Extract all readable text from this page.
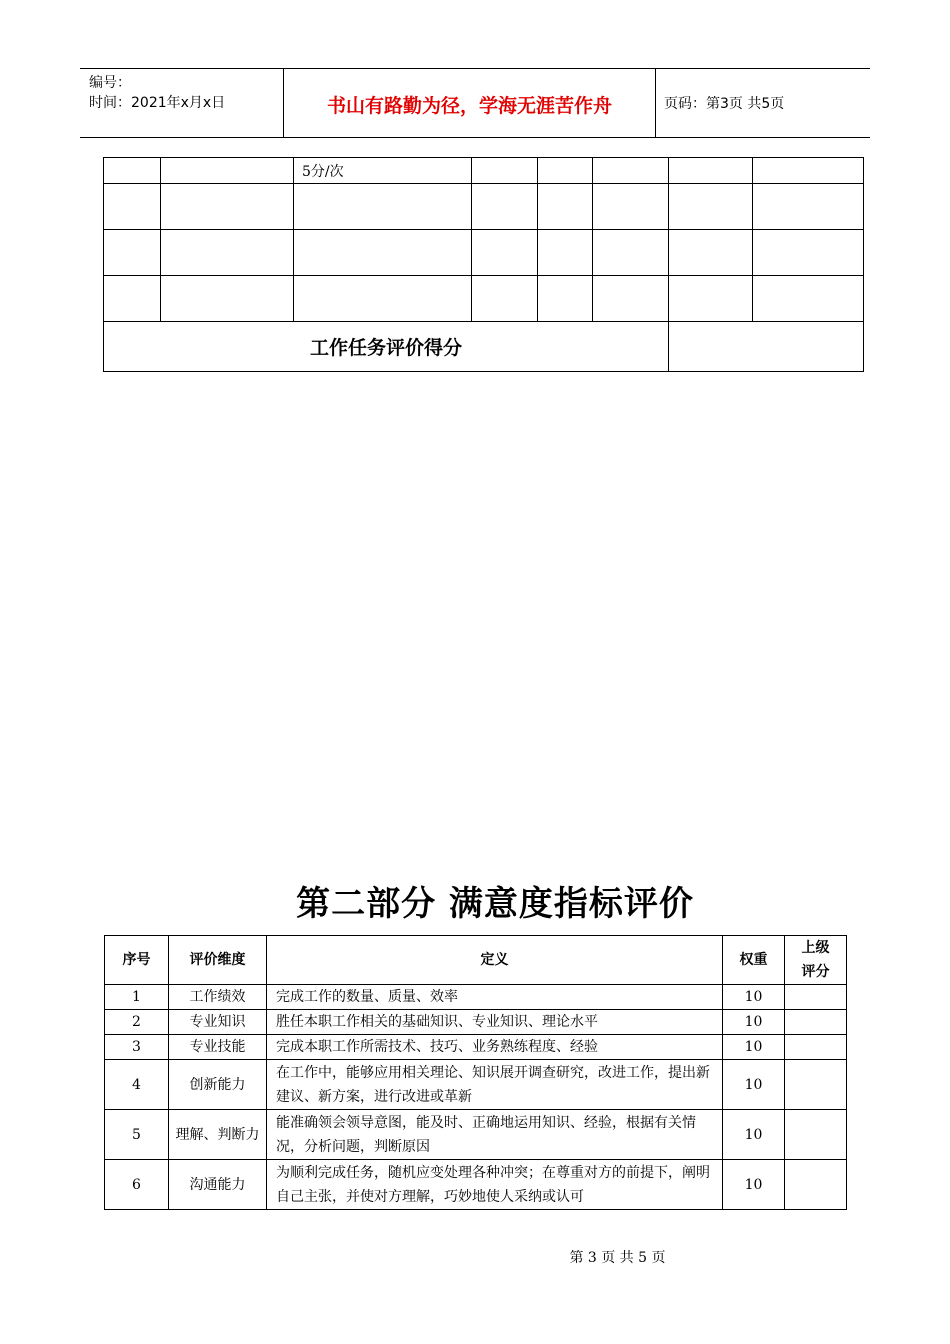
编号：
时间：2021年x月x日	书山有路勤为径，学海无涯苦作舟	页码：第3页 共5页
		5分/次					

工作任务评价得分							
第二部分 满意度指标评价
序号	评价维度	定义	权重	上级
评分
1	工作绩效	完成工作的数量、质量、效率	10	
2	专业知识	胜任本职工作相关的基础知识、专业知识、理论水平	10	
3	专业技能	完成本职工作所需技术、技巧、业务熟练程度、经验	10	
4	创新能力	在工作中，能够应用相关理论、知识展开调查研究，改进工作，提出新建议、新方案，进行改进或革新	10	
5	理解、判断力	能准确领会领导意图，能及时、正确地运用知识、经验，根据有关情况，分析问题，判断原因	10	
6	沟通能力	为顺利完成任务，随机应变处理各种冲突；在尊重对方的前提下，阐明自己主张，并使对方理解，巧妙地使人采纳或认可	10	
第 3 页 共 5 页
